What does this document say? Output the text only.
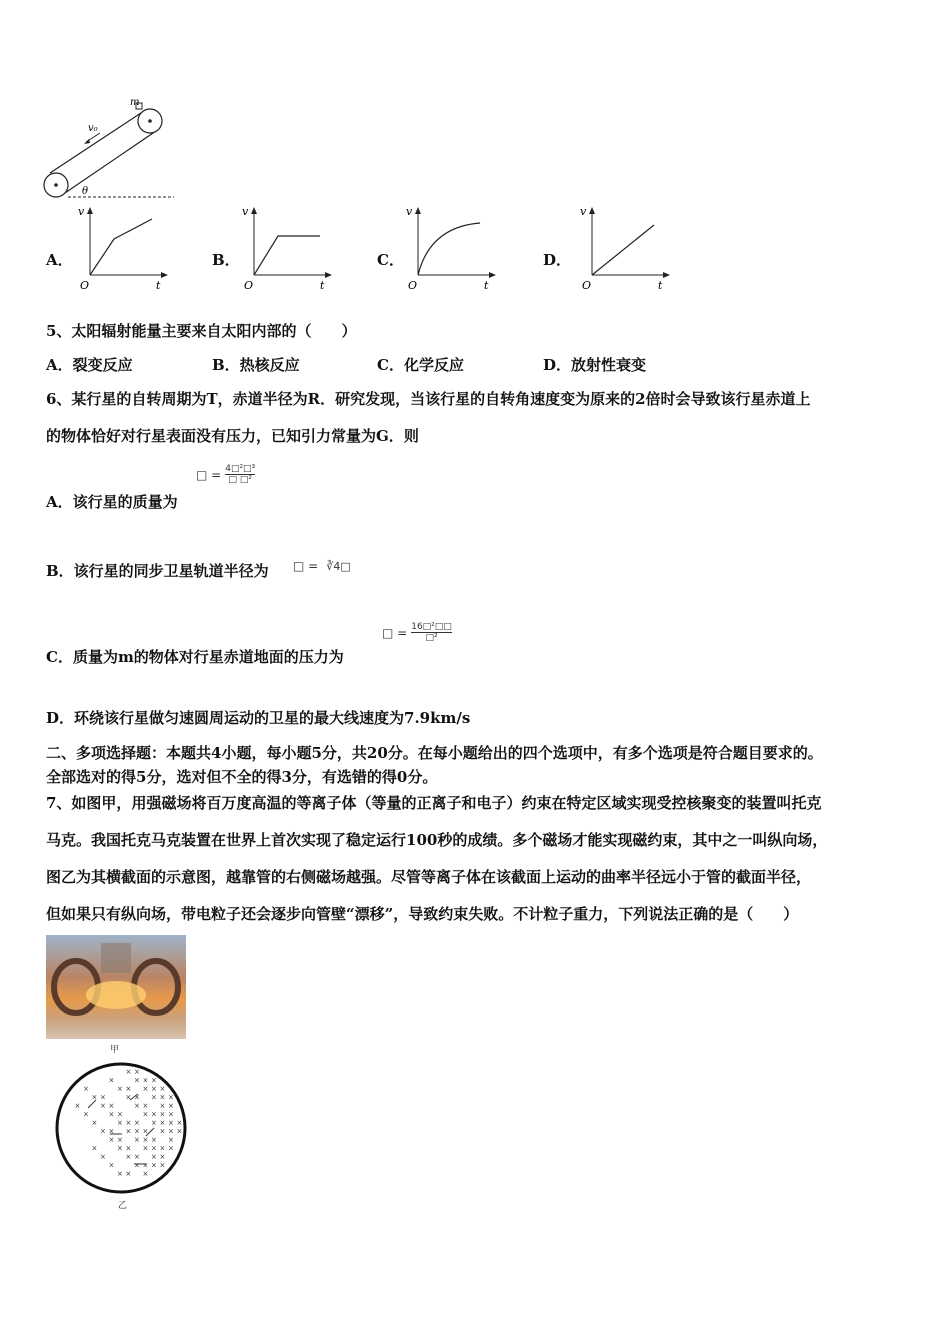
m
v₀
θ
A．
v
O	t
B．
v
O	t
C．
v
O	t
D．
v
O	t
5、太阳辐射能量主要来自太阳内部的（　　）
A．裂变反应	B．热核反应	C．化学反应	D．放射性衰变
6、某行星的自转周期为T，赤道半径为R．研究发现，当该行星的自转角速度变为原来的2倍时会导致该行星赤道上
的物体恰好对行星表面没有压力，已知引力常量为G．则
A．该行星的质量为
□ = 4□²□³
□ □²
B．该行星的同步卫星轨道半径为 □ = ∛4□
C．质量为m的物体对行星赤道地面的压力为
□ = 16□²□□
□²
D．环绕该行星做匀速圆周运动的卫星的最大线速度为7.9km/s
二、多项选择题：本题共4小题，每小题5分，共20分。在每小题给出的四个选项中，有多个选项是符合题目要求的。
全部选对的得5分，选对但不全的得3分，有选错的得0分。
7、如图甲，用强磁场将百万度高温的等离子体（等量的正离子和电子）约束在特定区域实现受控核聚变的装置叫托克
马克。我国托克马克装置在世界上首次实现了稳定运行100秒的成绩。多个磁场才能实现磁约束，其中之一叫纵向场，
图乙为其横截面的示意图，越靠管的右侧磁场越强。尽管等离子体在该截面上运动的曲率半径远小于管的截面半径，
但如果只有纵向场，带电粒子还会逐步向管壁“漂移”，导致约束失败。不计粒子重力，下列说法正确的是（　　）
甲
× ×
×	× × ×
×	× × × × ×
× ×	× × × × ×
×	× ×	× × × ×
×	× ×	× × × ×
×	× × × × × × ×
× × × × × × × ×
× × × × × ×
×	× × × × × ×
×	× × × ×
×	× × × ×
× × ×
乙
